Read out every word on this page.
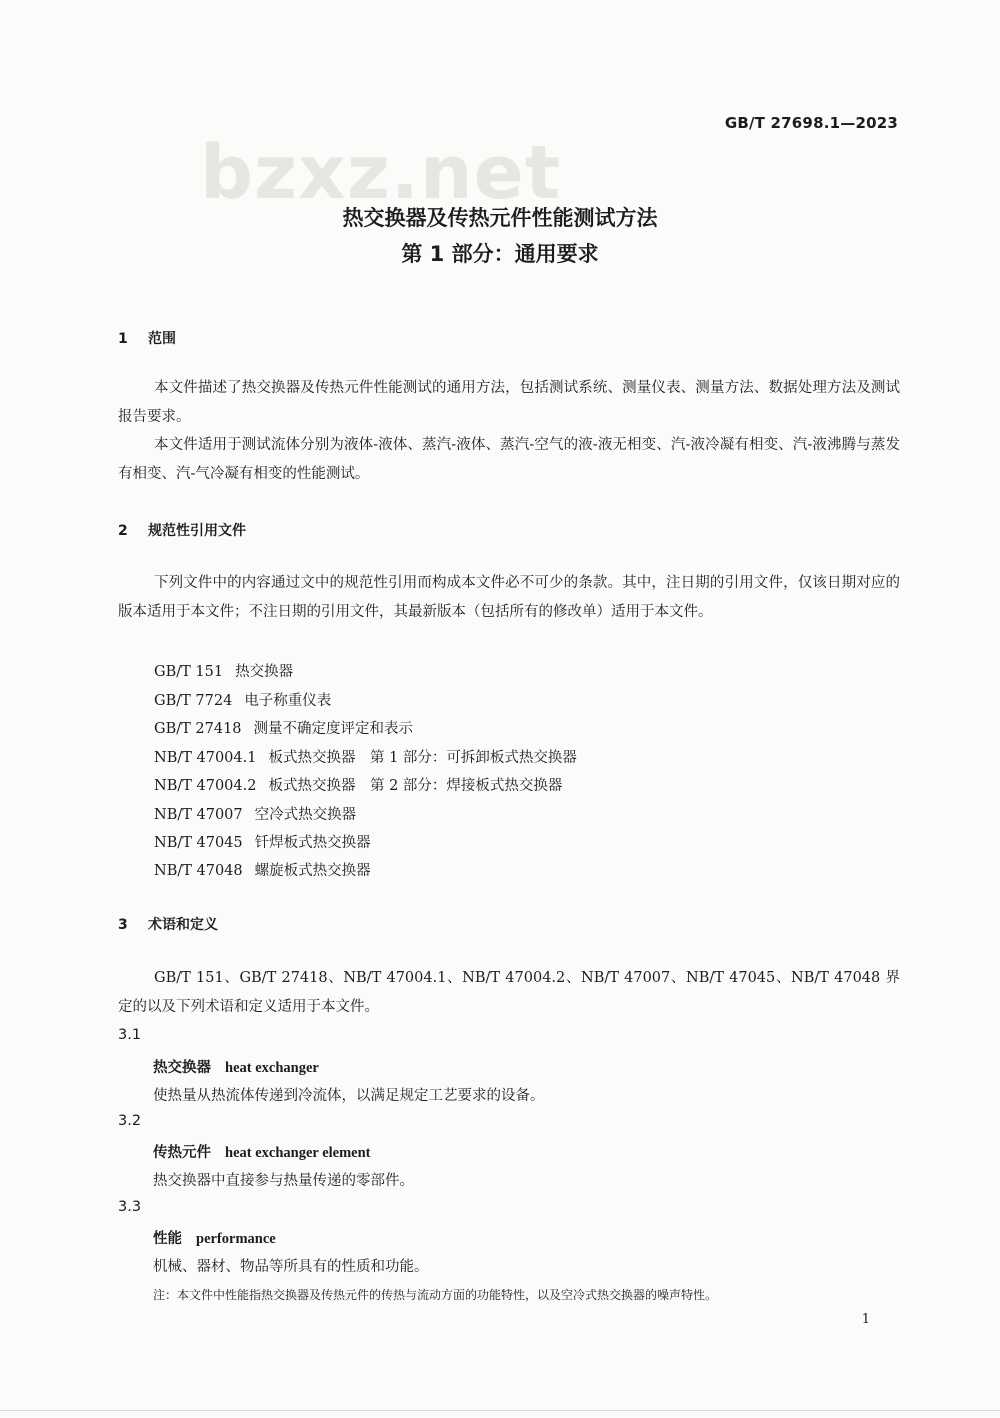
bzxz.net
GB/T 27698.1—2023
热交换器及传热元件性能测试方法
第 1 部分：通用要求
1 范围
本文件描述了热交换器及传热元件性能测试的通用方法，包括测试系统、测量仪表、测量方法、数据处理方法及测试报告要求。
本文件适用于测试流体分别为液体-液体、蒸汽-液体、蒸汽-空气的液-液无相变、汽-液冷凝有相变、汽-液沸腾与蒸发有相变、汽-气冷凝有相变的性能测试。
2 规范性引用文件
下列文件中的内容通过文中的规范性引用而构成本文件必不可少的条款。其中，注日期的引用文件，仅该日期对应的版本适用于本文件；不注日期的引用文件，其最新版本（包括所有的修改单）适用于本文件。
GB/T 151 热交换器
GB/T 7724 电子称重仪表
GB/T 27418 测量不确定度评定和表示
NB/T 47004.1 板式热交换器　第 1 部分：可拆卸板式热交换器
NB/T 47004.2 板式热交换器　第 2 部分：焊接板式热交换器
NB/T 47007 空冷式热交换器
NB/T 47045 钎焊板式热交换器
NB/T 47048 螺旋板式热交换器
3 术语和定义
GB/T 151、GB/T 27418、NB/T 47004.1、NB/T 47004.2、NB/T 47007、NB/T 47045、NB/T 47048 界定的以及下列术语和定义适用于本文件。
3.1
热交换器 heat exchanger
使热量从热流体传递到冷流体，以满足规定工艺要求的设备。
3.2
传热元件 heat exchanger element
热交换器中直接参与热量传递的零部件。
3.3
性能 performance
机械、器材、物品等所具有的性质和功能。
注：本文件中性能指热交换器及传热元件的传热与流动方面的功能特性，以及空冷式热交换器的噪声特性。
1
